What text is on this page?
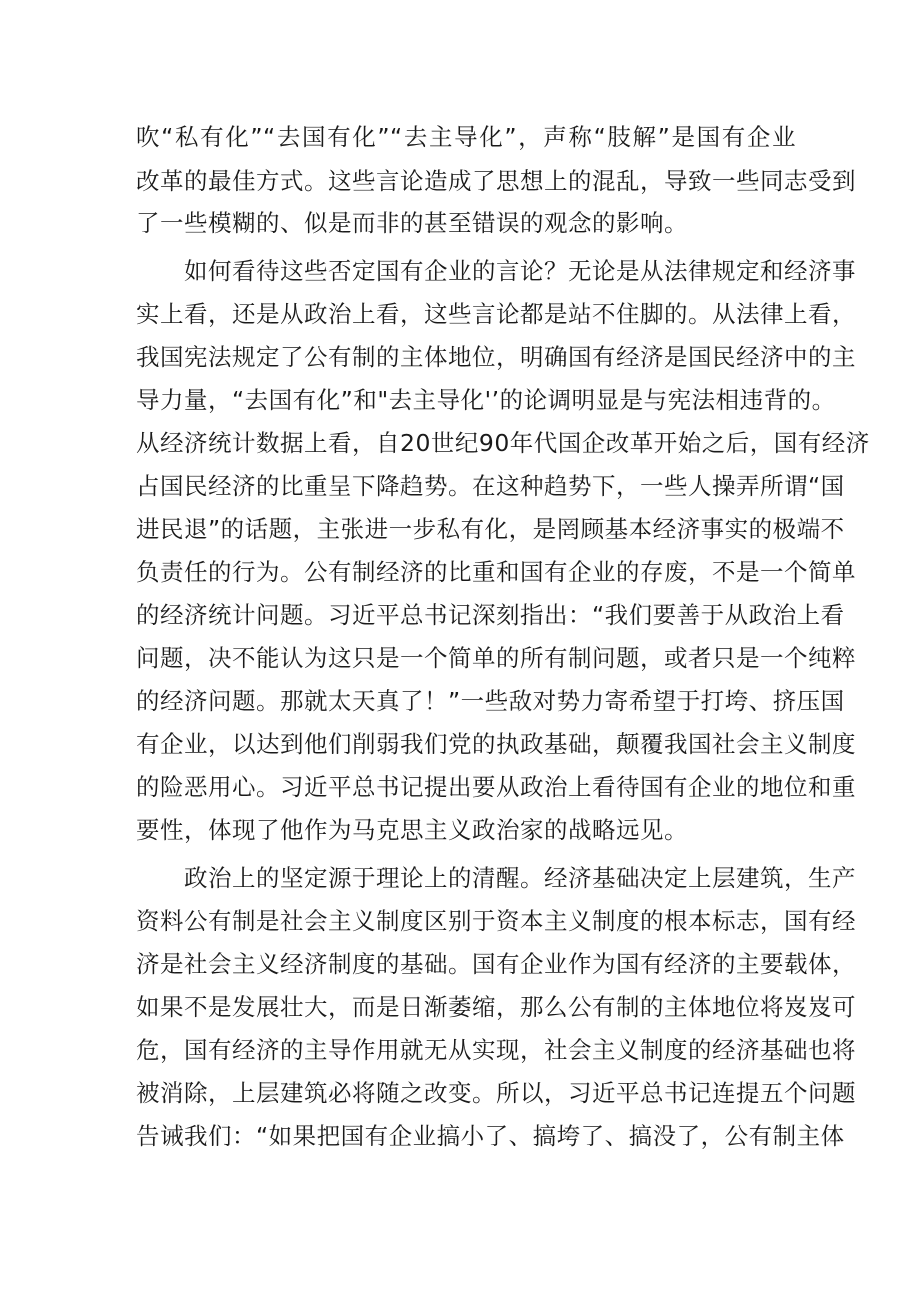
吹“私有化”“去国有化”“去主导化”，声称“肢解”是国有企业
改革的最佳方式。这些言论造成了思想上的混乱，导致一些同志受到
了一些模糊的、似是而非的甚至错误的观念的影响。
如何看待这些否定国有企业的言论？无论是从法律规定和经济事
实上看，还是从政治上看，这些言论都是站不住脚的。从法律上看，
我国宪法规定了公有制的主体地位，明确国有经济是国民经济中的主
导力量，“去国有化”和"去主导化'’的论调明显是与宪法相违背的。
从经济统计数据上看，自20世纪90年代国企改革开始之后，国有经济
占国民经济的比重呈下降趋势。在这种趋势下，一些人操弄所谓“国
进民退”的话题，主张进一步私有化，是罔顾基本经济事实的极端不
负责任的行为。公有制经济的比重和国有企业的存废，不是一个简单
的经济统计问题。习近平总书记深刻指出：“我们要善于从政治上看
问题，决不能认为这只是一个简单的所有制问题，或者只是一个纯粹
的经济问题。那就太天真了！”一些敌对势力寄希望于打垮、挤压国
有企业，以达到他们削弱我们党的执政基础，颠覆我国社会主义制度
的险恶用心。习近平总书记提出要从政治上看待国有企业的地位和重
要性，体现了他作为马克思主义政治家的战略远见。
政治上的坚定源于理论上的清醒。经济基础决定上层建筑，生产
资料公有制是社会主义制度区别于资本主义制度的根本标志，国有经
济是社会主义经济制度的基础。国有企业作为国有经济的主要载体，
如果不是发展壮大，而是日渐萎缩，那么公有制的主体地位将岌岌可
危，国有经济的主导作用就无从实现，社会主义制度的经济基础也将
被消除，上层建筑必将随之改变。所以，习近平总书记连提五个问题
告诫我们：“如果把国有企业搞小了、搞垮了、搞没了，公有制主体
